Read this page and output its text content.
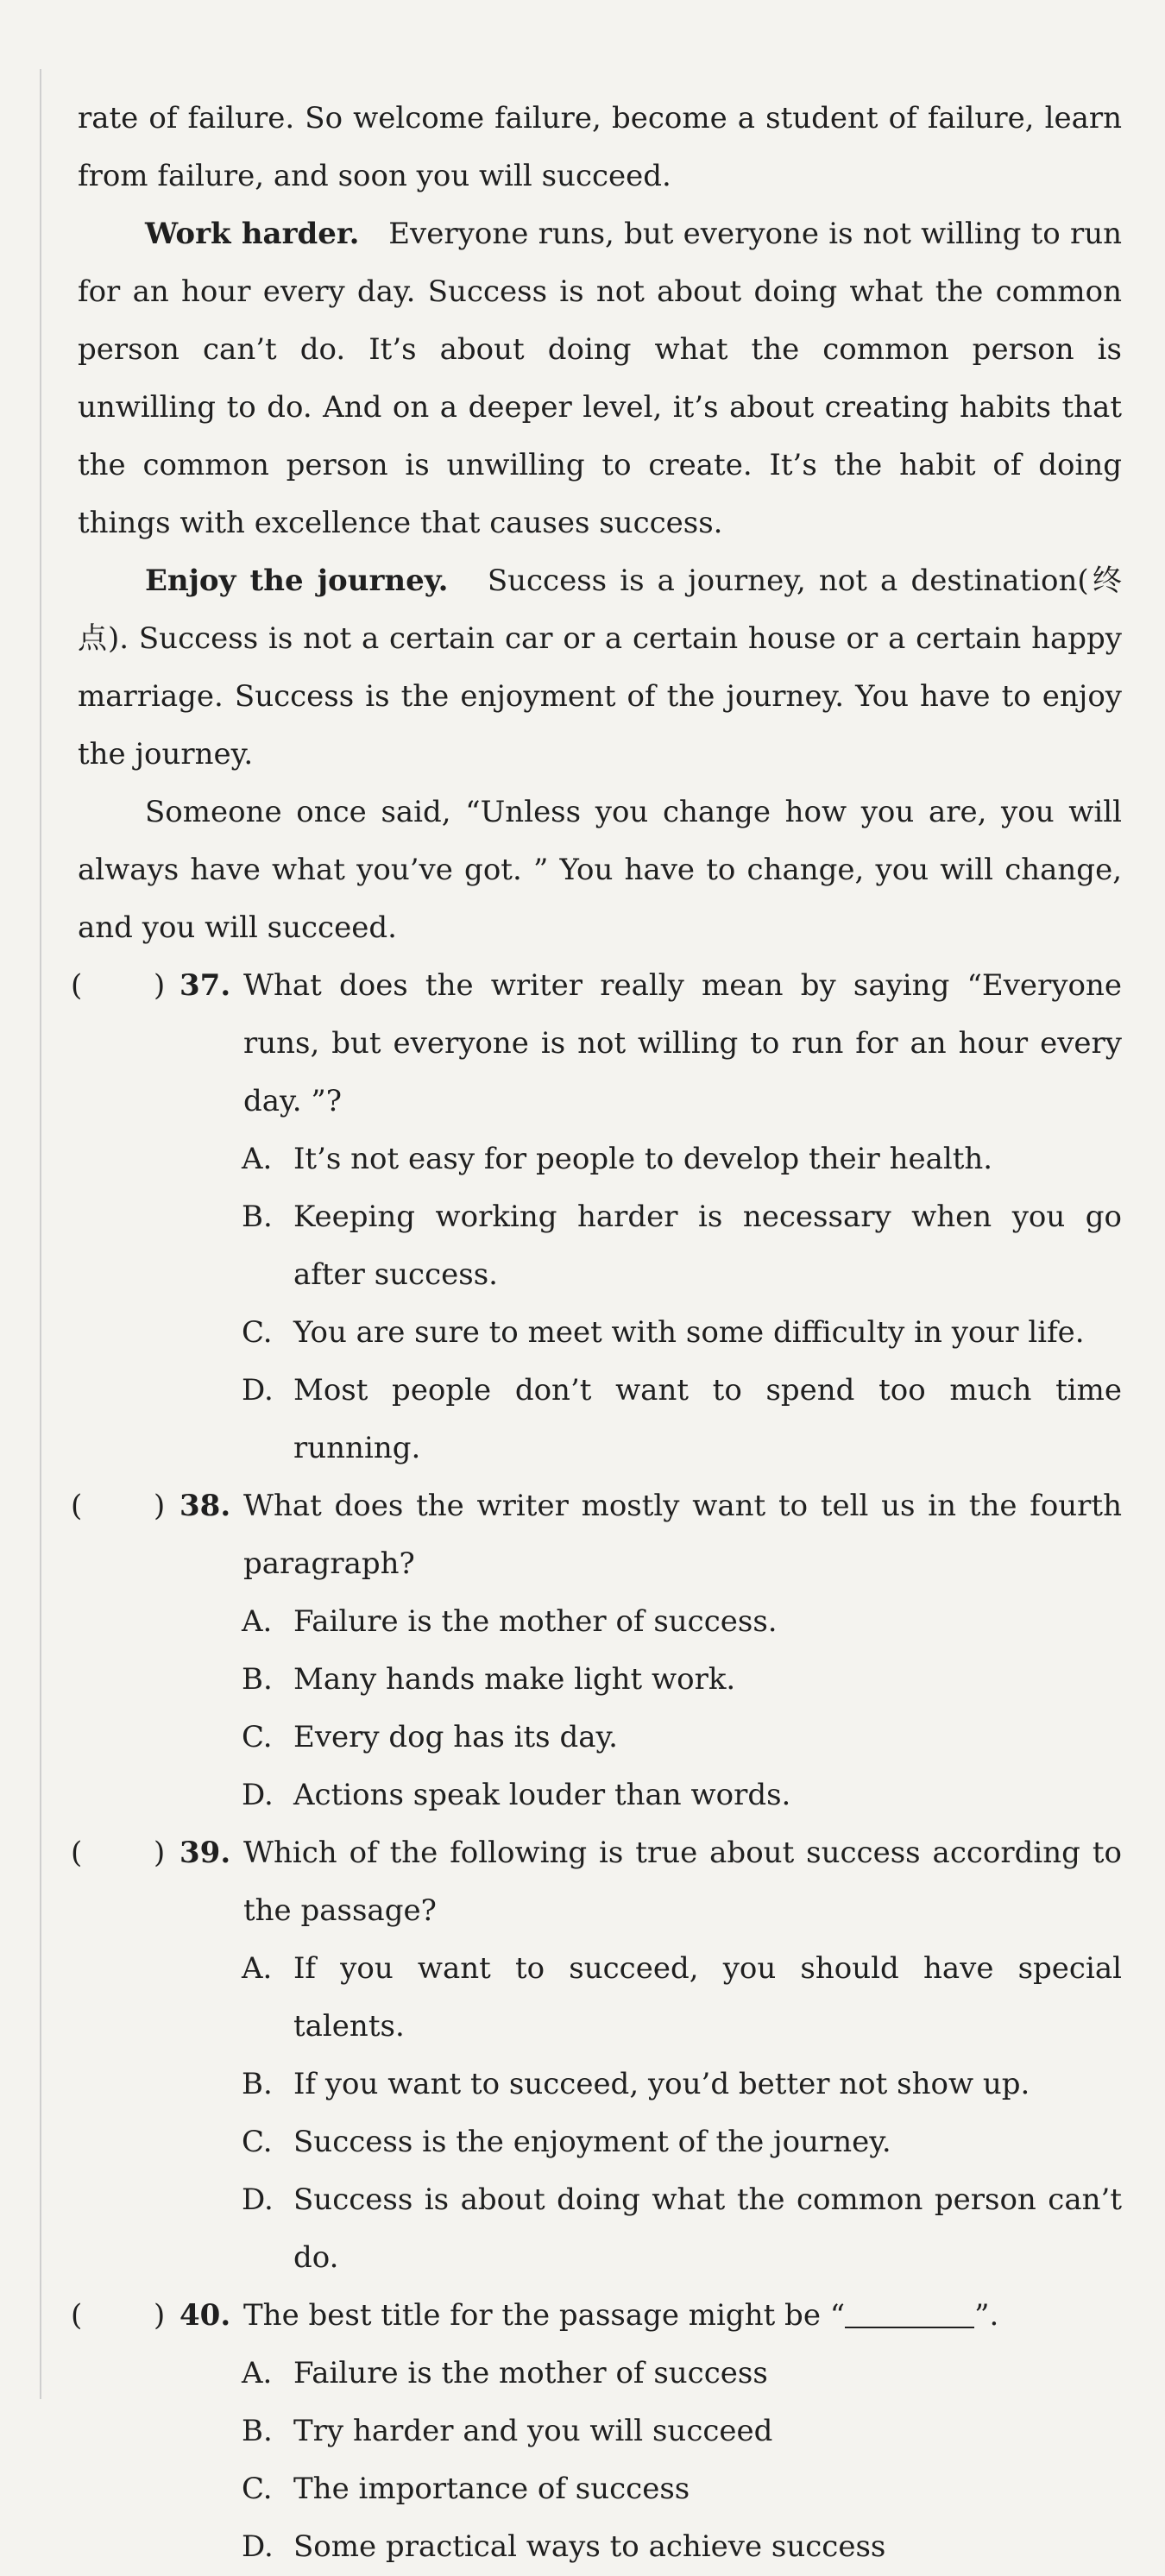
rate of failure. So welcome failure, become a student of failure, learn from failure, and soon you will succeed.

Work harder. Everyone runs, but everyone is not willing to run for an hour every day. Success is not about doing what the common person can’t do. It’s about doing what the common person is unwilling to do. And on a deeper level, it’s about creating habits that the common person is unwilling to create. It’s the habit of doing things with excellence that causes success.

Enjoy the journey. Success is a journey, not a destination(终点). Success is not a certain car or a certain house or a certain happy marriage. Success is the enjoyment of the journey. You have to enjoy the journey.

Someone once said, “Unless you change how you are, you will always have what you’ve got. ” You have to change, you will change, and you will succeed.

( ) 37. What does the writer really mean by saying “Everyone runs, but everyone is not willing to run for an hour every day. ”?
A. It’s not easy for people to develop their health.
B. Keeping working harder is necessary when you go after success.
C. You are sure to meet with some difficulty in your life.
D. Most people don’t want to spend too much time running.
( ) 38. What does the writer mostly want to tell us in the fourth paragraph?
A. Failure is the mother of success.
B. Many hands make light work.
C. Every dog has its day.
D. Actions speak louder than words.
( ) 39. Which of the following is true about success according to the passage?
A. If you want to succeed, you should have special talents.
B. If you want to succeed, you’d better not show up.
C. Success is the enjoyment of the journey.
D. Success is about doing what the common person can’t do.
( ) 40. The best title for the passage might be “	”.
A. Failure is the mother of success
B. Try harder and you will succeed
C. The importance of success
D. Some practical ways to achieve success
